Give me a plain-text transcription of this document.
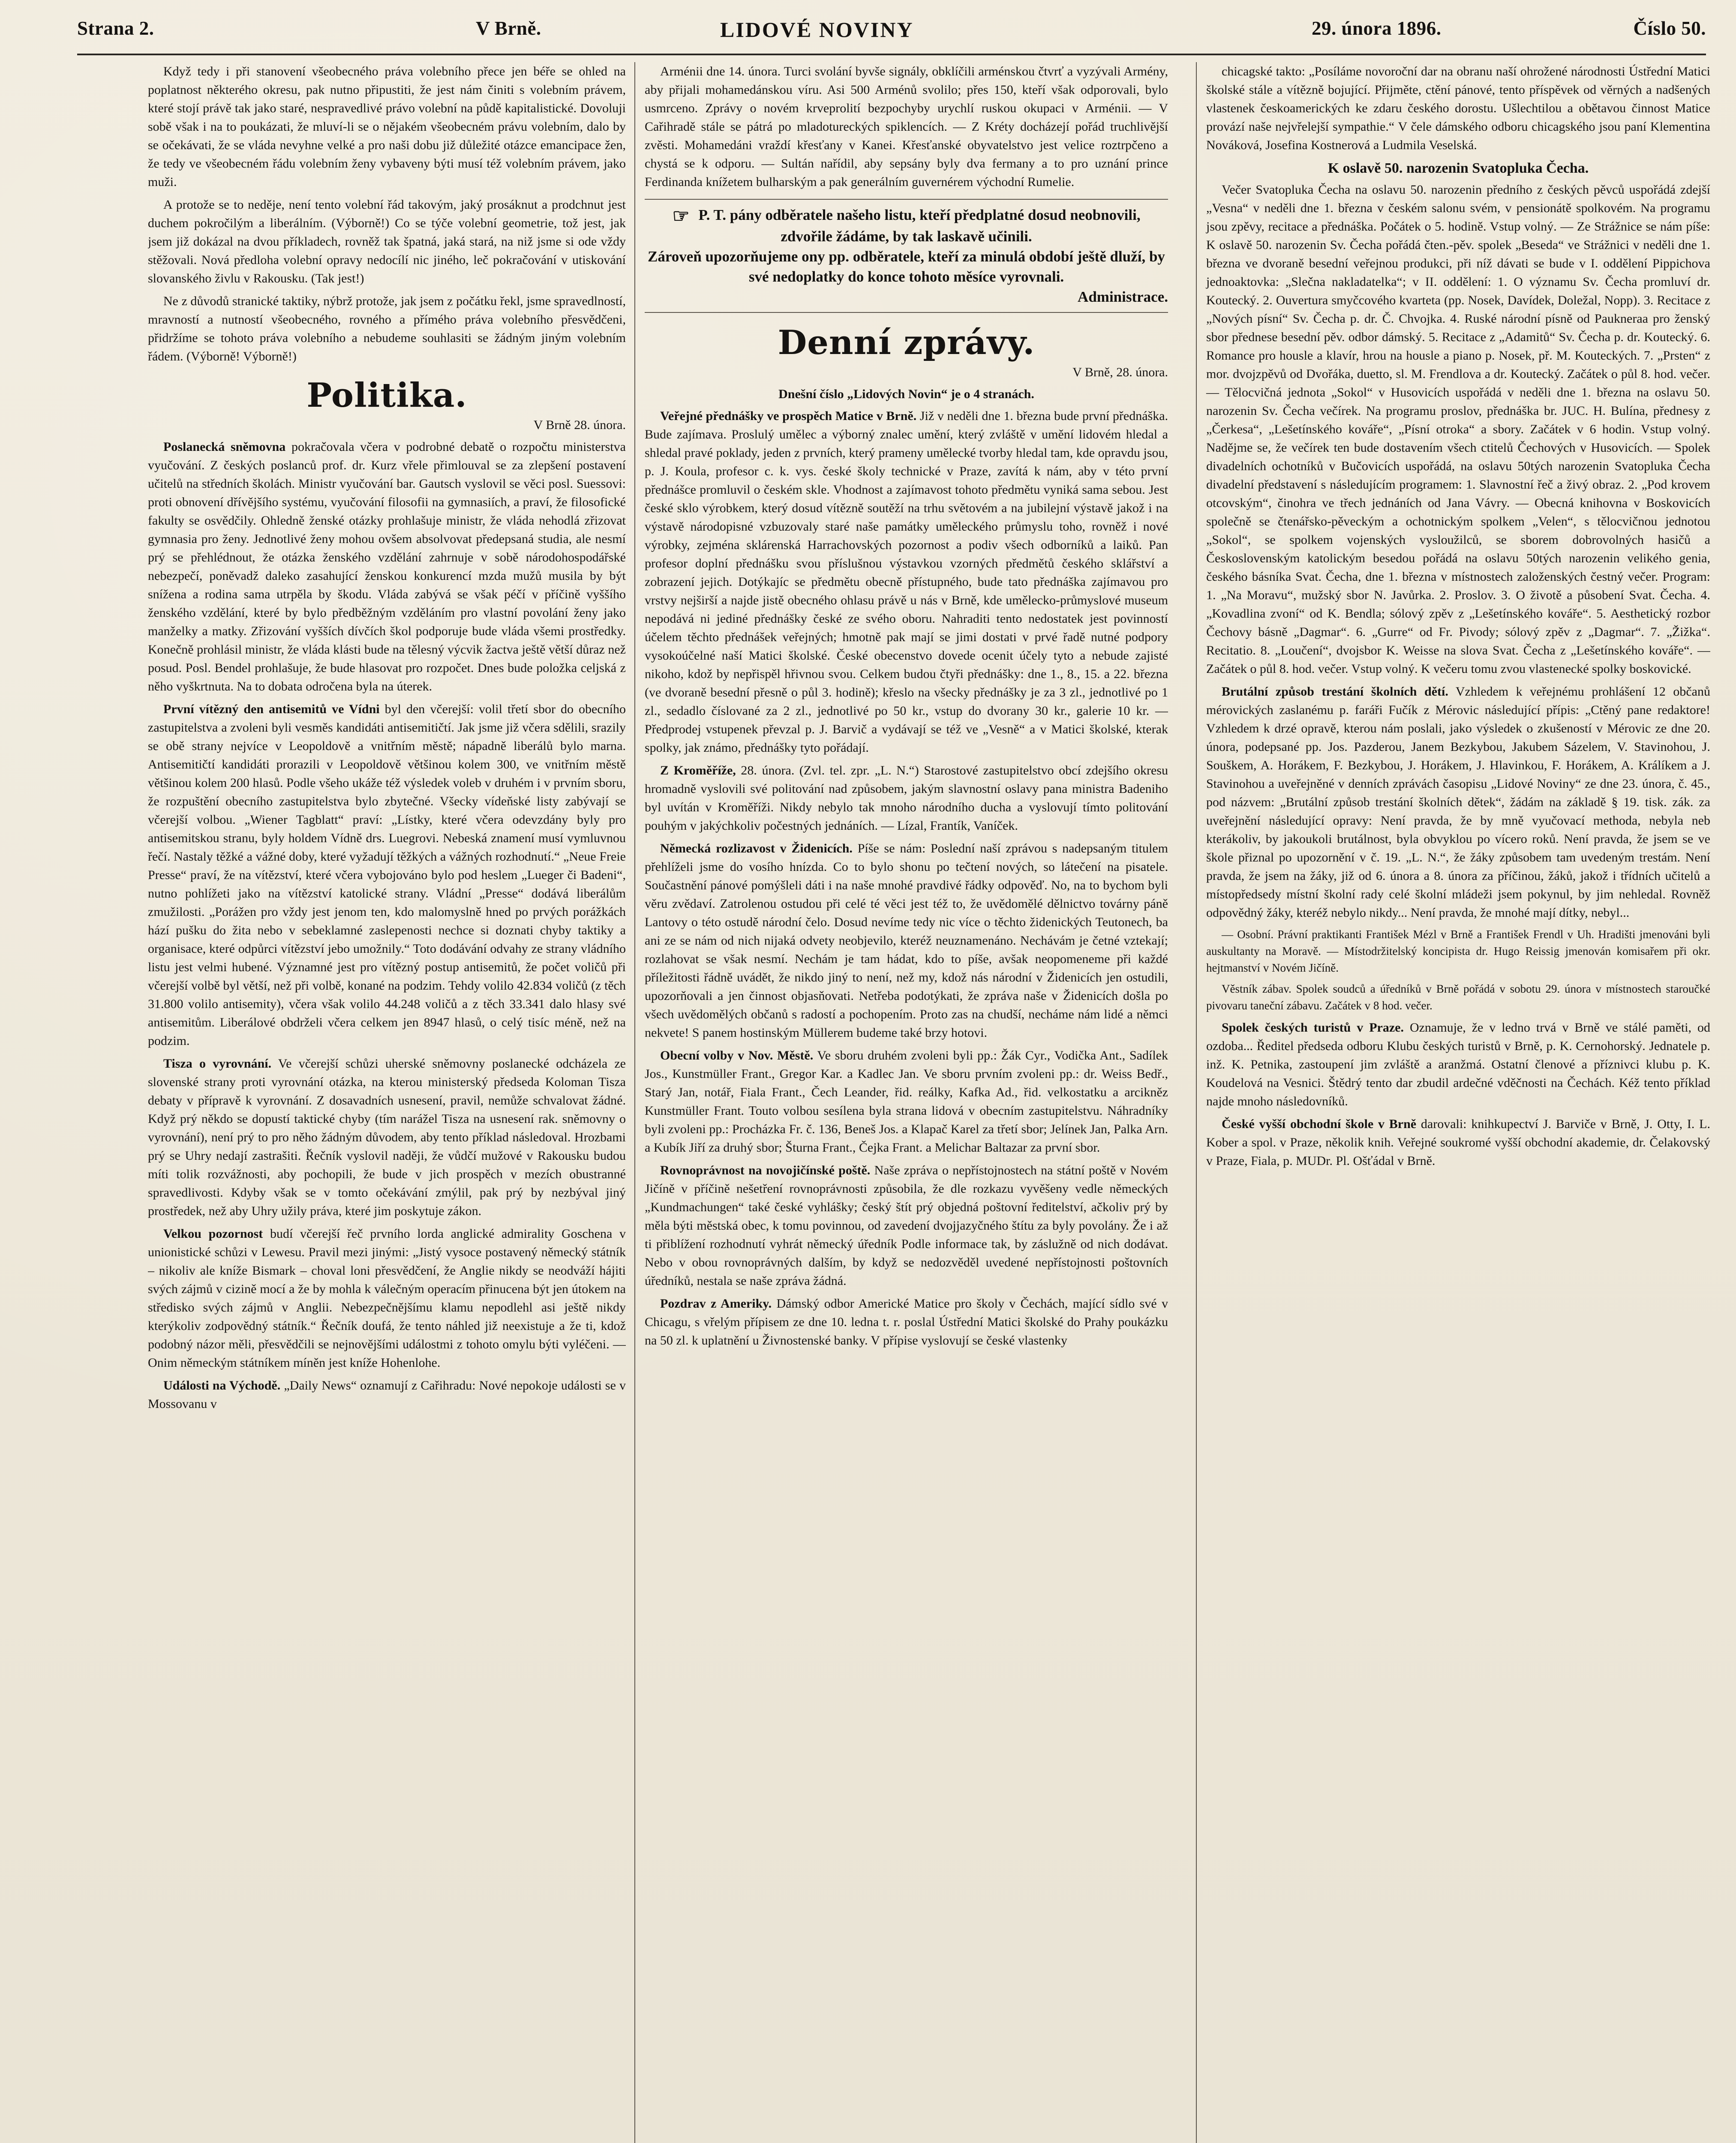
Strana 2.	V Brně.	LIDOVÉ NOVINY	29. února 1896.	Číslo 50.

Když tedy i při stanovení všeobecného práva volebního přece jen béře se ohled na poplatnost některého okresu, pak nutno připustiti, že jest nám činiti s volebním právem, které stojí právě tak jako staré, nespravedlivé právo volební na půdě kapitalistické. Dovoluji sobě však i na to poukázati, že mluví-li se o nějakém všeobecném právu volebním, dalo by se očekávati, že se vláda nevyhne velké a pro naši dobu již důležité otázce emancipace žen, že tedy ve všeobecném řádu volebním ženy vybaveny býti musí též volebním právem, jako muži.

A protože se to neděje, není tento volební řád takovým, jaký prosáknut a prodchnut jest duchem pokročilým a liberálním. (Výborně!) Co se týče volební geometrie, tož jest, jak jsem již dokázal na dvou příkladech, rovněž tak špatná, jaká stará, na niž jsme si ode vždy stěžovali. Nová předloha volební opravy nedocílí nic jiného, leč pokračování v utiskování slovanského živlu v Rakousku. (Tak jest!)

Ne z důvodů stranické taktiky, nýbrž protože, jak jsem z počátku řekl, jsme spravedlností, mravností a nutností všeobecného, rovného a přímého práva volebního přesvědčeni, přidržíme se tohoto práva volebního a nebudeme souhlasiti se žádným jiným volebním řádem. (Výborně! Výborně!)

Politika.
V Brně 28. února.

Poslanecká sněmovna pokračovala včera v podrobné debatě o rozpočtu ministerstva vyučování. Z českých poslanců prof. dr. Kurz vřele přimlouval se za zlepšení postavení učitelů na středních školách. Ministr vyučování bar. Gautsch vyslovil se věci posl. Suessovi: proti obnovení dřívějšího systému, vyučování filosofii na gymnasiích, a praví, že filosofické fakulty se osvědčily. Ohledně ženské otázky prohlašuje ministr, že vláda nehodlá zřizovat gymnasia pro ženy. Jednotlivé ženy mohou ovšem absolvovat předepsaná studia, ale nesmí prý se přehlédnout, že otázka ženského vzdělání zahrnuje v sobě národohospodářské nebezpečí, poněvadž daleko zasahující ženskou konkurencí mzda mužů musila by být snížena a rodina sama utrpěla by škodu. Vláda zabývá se však péčí v příčině vyššího ženského vzdělání, které by bylo předběžným vzděláním pro vlastní povolání ženy jako manželky a matky. Zřizování vyšších dívčích škol podporuje bude vláda všemi prostředky. Konečně prohlásil ministr, že vláda klásti bude na tělesný výcvik žactva ještě větší důraz než posud. Posl. Bendel prohlašuje, že bude hlasovat pro rozpočet. Dnes bude položka celjská z něho vyškrtnuta. Na to dobata odročena byla na úterek.

První vítězný den antisemitů ve Vídni byl den včerejší: volil třetí sbor do obecního zastupitelstva a zvoleni byli vesměs kandidáti antisemitičtí. Jak jsme již včera sdělili, srazily se obě strany nejvíce v Leopoldově a vnitřním městě; nápadně liberálů bylo marna. Antisemitičtí kandidáti prorazili v Leopoldově většinou kolem 300, ve vnitřním městě většinou kolem 200 hlasů. Podle všeho ukáže též výsledek voleb v druhém i v prvním sboru, že rozpuštění obecního zastupitelstva bylo zbytečné. Všecky vídeňské listy zabývají se včerejší volbou. „Wiener Tagblatt“ praví: „Lístky, které včera odevzdány byly pro antisemitskou stranu, byly holdem Vídně drs. Luegrovi. Nebeská znamení musí vymluvnou řečí. Nastaly těžké a vážné doby, které vyžadují těžkých a vážných rozhodnutí.“ „Neue Freie Presse“ praví, že na vítězství, které včera vybojováno bylo pod heslem „Lueger či Badeni“, nutno pohlížeti jako na vítězství katolické strany. Vládní „Presse“ dodává liberálům zmužilosti. „Porážen pro vždy jest jenom ten, kdo malomyslně hned po prvých porážkách hází pušku do žita nebo v sebeklamné zaslepenosti nechce si doznati chyby taktiky a organisace, které odpůrci vítězství jebo umožnily.“ Toto dodávání odvahy ze strany vládního listu jest velmi hubené. Významné jest pro vítězný postup antisemitů, že počet voličů při včerejší volbě byl větší, než při volbě, konané na podzim. Tehdy volilo 42.834 voličů (z těch 31.800 volilo antisemity), včera však volilo 44.248 voličů a z těch 33.341 dalo hlasy své antisemitům. Liberálové obdrželi včera celkem jen 8947 hlasů, o celý tisíc méně, než na podzim.

Tisza o vyrovnání. Ve včerejší schůzi uherské sněmovny poslanecké odcházela ze slovenské strany proti vyrovnání otázka, na kterou ministerský předseda Koloman Tisza debaty v přípravě k vyrovnání. Z dosavadních usnesení, pravil, nemůže schvalovat žádné. Když prý někdo se dopustí taktické chyby (tím narážel Tisza na usnesení rak. sněmovny o vyrovnání), není prý to pro něho žádným důvodem, aby tento příklad následoval. Hrozbami prý se Uhry nedají zastrašiti. Řečník vyslovil naději, že vůdčí mužové v Rakousku budou míti tolik rozvážnosti, aby pochopili, že bude v jich prospěch v mezích obustranné spravedlivosti. Kdyby však se v tomto očekávání zmýlil, pak prý by nezbýval jiný prostředek, než aby Uhry užily práva, které jim poskytuje zákon.

Velkou pozornost budí včerejší řeč prvního lorda anglické admirality Goschena v unionistické schůzi v Lewesu. Pravil mezi jinými: „Jistý vysoce postavený německý státník – nikoliv ale kníže Bismark – choval loni přesvědčení, že Anglie nikdy se neodváží hájiti svých zájmů v cizině mocí a že by mohla k válečným operacím přinucena být jen útokem na středisko svých zájmů v Anglii. Nebezpečnějšímu klamu nepodlehl asi ještě nikdy kterýkoliv zodpovědný státník.“ Řečník doufá, že tento náhled již neexistuje a že ti, kdož podobný názor měli, přesvědčili se nejnovějšími událostmi z tohoto omylu býti vyléčeni. — Onim německým státníkem míněn jest kníže Hohenlohe.

Události na Východě. „Daily News“ oznamují z Cařihradu: Nové nepokoje události se v Mossovanu v

Arménii dne 14. února. Turci svolání byvše signály, obklíčili arménskou čtvrť a vyzývali Armény, aby přijali mohamedánskou víru. Asi 500 Arménů svolilo; přes 150, kteří však odporovali, bylo usmrceno. Zprávy o novém krveprolití bezpochyby urychlí ruskou okupaci v Arménii. — V Cařihradě stále se pátrá po mladotureckých spiklencích. — Z Kréty docházejí pořád truchlivější zvěsti. Mohamedáni vraždí křesťany v Kanei. Křesťanské obyvatelstvo jest velice roztrpčeno a chystá se k odporu. — Sultán nařídil, aby sepsány byly dva fermany a to pro uznání prince Ferdinanda knížetem bulharským a pak generálním guvernérem východní Rumelie.

☞ P. T. pány odběratele našeho listu, kteří předplatné dosud neobnovili, zdvořile žádáme, by tak laskavě učinili.
Zároveň upozorňujeme ony pp. odběratele, kteří za minulá období ještě dluží, by své nedoplatky do konce tohoto měsíce vyrovnali.
Administrace.
Denní zprávy.
V Brně, 28. února.
Dnešní číslo „Lidových Novin“ je o 4 stranách.

Veřejné přednášky ve prospěch Matice v Brně. Již v neděli dne 1. března bude první přednáška. Bude zajímava. Proslulý umělec a výborný znalec umění, který zvláště v umění lidovém hledal a shledal pravé poklady, jeden z prvních, který prameny umělecké tvorby hledal tam, kde opravdu jsou, p. J. Koula, profesor c. k. vys. české školy technické v Praze, zavítá k nám, aby v této první přednášce promluvil o českém skle. Vhodnost a zajímavost tohoto předmětu vyniká sama sebou. Jest české sklo výrobkem, který dosud vítězně soutěží na trhu světovém a na jubilejní výstavě jakož i na výstavě národopisné vzbuzovaly staré naše památky uměleckého průmyslu toho, rovněž i nové výrobky, zejména sklárenská Harrachovských pozornost a podiv všech odborníků a laiků. Pan profesor doplní přednášku svou příslušnou výstavkou vzorných předmětů českého sklářství a zobrazení jejich. Dotýkajíc se předmětu obecně přístupného, bude tato přednáška zajímavou pro vrstvy nejširší a najde jistě obecného ohlasu právě u nás v Brně, kde umělecko-průmyslové museum nepodává ni jediné přednášky české ze svého oboru. Nahraditi tento nedostatek jest povinností účelem těchto přednášek veřejných; hmotně pak mají se jimi dostati v prvé řadě nutné podpory vysokoúčelné naší Matici školské. České obecenstvo dovede ocenit účely tyto a nebude zajisté nikoho, kdož by nepřispěl hřivnou svou. Celkem budou čtyři přednášky: dne 1., 8., 15. a 22. března (ve dvoraně besední přesně o půl 3. hodině); křeslo na všecky přednášky je za 3 zl., jednotlivé po 1 zl., sedadlo číslované za 2 zl., jednotlivé po 50 kr., vstup do dvorany 30 kr., galerie 10 kr. — Předprodej vstupenek převzal p. J. Barvič a vydávají se též ve „Vesně“ a v Matici školské, kterak spolky, jak známo, přednášky tyto pořádají.

Z Kroměříže, 28. února. (Zvl. tel. zpr. „L. N.“) Starostové zastupitelstvo obcí zdejšího okresu hromadně vyslovili své politování nad způsobem, jakým slavnostní oslavy pana ministra Badeniho byl uvítán v Kroměříži. Nikdy nebylo tak mnoho národního ducha a vyslovují tímto politování pouhým v jakýchkoliv počestných jednáních. — Lízal, Frantík, Vaníček.

Německá rozlizavost v Židenicích. Píše se nám: Poslední naší zprávou s nadepsaným titulem přehlíželi jsme do vosího hnízda. Co to bylo shonu po tečtení nových, so látečení na pisatele. Součastnění pánové pomýšleli dáti i na naše mnohé pravdivé řádky odpověď. No, na to bychom byli věru zvědaví. Zatrolenou ostudou při celé té věci jest též to, že uvědomělé dělnictvo továrny páně Lantovy o této ostudě národní čelo. Dosud nevíme tedy nic více o těchto židenických Teutonech, ba ani ze se nám od nich nijaká odvety neobjevilo, kteréž neuznamenáno. Nechávám je četné vztekají; rozlahovat se však nesmí. Nechám je tam hádat, kdo to píše, avšak neopomeneme při každé příležitosti řádně uvádět, že nikdo jiný to není, než my, kdož nás národní v Židenicích jen ostudili, upozorňovali a jen činnost objasňovati. Netřeba podotýkati, že zpráva naše v Židenicích došla po všech uvědomělých občanů s radostí a pochopením. Proto zas na chudší, necháme nám lidé a němci nekvete! S panem hostinským Müllerem budeme také brzy hotovi.

Obecní volby v Nov. Městě. Ve sboru druhém zvoleni byli pp.: Žák Cyr., Vodička Ant., Sadílek Jos., Kunstmüller Frant., Gregor Kar. a Kadlec Jan. Ve sboru prvním zvoleni pp.: dr. Weiss Bedř., Starý Jan, notář, Fiala Frant., Čech Leander, řid. reálky, Kafka Ad., řid. velkostatku a arcikněz Kunstmüller Frant. Touto volbou sesílena byla strana lidová v obecním zastupitelstvu. Náhradníky byli zvoleni pp.: Procházka Fr. č. 136, Beneš Jos. a Klapač Karel za třetí sbor; Jelínek Jan, Palka Arn. a Kubík Jiří za druhý sbor; Šturna Frant., Čejka Frant. a Melichar Baltazar za první sbor.

Rovnoprávnost na novojičínské poště. Naše zpráva o nepřístojnostech na státní poště v Novém Jičíně v příčině nešetření rovnoprávnosti způsobila, že dle rozkazu vyvěšeny vedle německých „Kundmachungen“ také české vyhlášky; český štít prý objedná poštovní ředitelství, ačkoliv prý by měla býti městská obec, k tomu povinnou, od zavedení dvojjazyčného štítu za byly povolány. Že i až ti přiblížení rozhodnutí vyhrát německý úředník Podle informace tak, by záslužně od nich dodávat. Nebo v obou rovnoprávných dalším, by když se nedozvěděl uvedené nepřístojnosti poštovních úředníků, nestala se naše zpráva žádná.

Pozdrav z Ameriky. Dámský odbor Americké Matice pro školy v Čechách, mající sídlo své v Chicagu, s vřelým přípisem ze dne 10. ledna t. r. poslal Ústřední Matici školské do Prahy poukázku na 50 zl. k uplatnění u Živnostenské banky. V přípise vyslovují se české vlastenky

chicagské takto: „Posíláme novoroční dar na obranu naší ohrožené národnosti Ústřední Matici školské stále a vítězně bojující. Přijměte, ctění pánové, tento příspěvek od věrných a nadšených vlastenek českoamerických ke zdaru českého dorostu. Ušlechtilou a obětavou činnost Matice provází naše nejvřelejší sympathie.“ V čele dámského odboru chicagského jsou paní Klementina Nováková, Josefina Kostnerová a Ludmila Veselská.

K oslavě 50. narozenin Svatopluka Čecha.

Večer Svatopluka Čecha na oslavu 50. narozenin předního z českých pěvců uspořádá zdejší „Vesna“ v neděli dne 1. března v českém salonu svém, v pensionátě spolkovém. Na programu jsou zpěvy, recitace a přednáška. Počátek o 5. hodině. Vstup volný. — Ze Strážnice se nám píše: K oslavě 50. narozenin Sv. Čecha pořádá čten.-pěv. spolek „Beseda“ ve Strážnici v neděli dne 1. března ve dvoraně besední veřejnou produkci, při níž dávati se bude v I. oddělení Pippichova jednoaktovka: „Slečna nakladatelka“; v II. oddělení: 1. O významu Sv. Čecha promluví dr. Koutecký. 2. Ouvertura smyčcového kvarteta (pp. Nosek, Davídek, Doležal, Nopp). 3. Recitace z „Nových písní“ Sv. Čecha p. dr. Č. Chvojka. 4. Ruské národní písně od Paukneraa pro ženský sbor přednese besední pěv. odbor dámský. 5. Recitace z „Adamitů“ Sv. Čecha p. dr. Koutecký. 6. Romance pro housle a klavír, hrou na housle a piano p. Nosek, př. M. Kouteckých. 7. „Prsten“ z mor. dvojzpěvů od Dvořáka, duetto, sl. M. Frendlova a dr. Koutecký. Začátek o půl 8. hod. večer. — Tělocvičná jednota „Sokol“ v Husovicích uspořádá v neděli dne 1. března na oslavu 50. narozenin Sv. Čecha večírek. Na programu proslov, přednáška br. JUC. H. Bulína, přednesy z „Čerkesa“, „Lešetínského kováře“, „Písní otroka“ a sbory. Začátek v 6 hodin. Vstup volný. Nadějme se, že večírek ten bude dostavením všech ctitelů Čechových v Husovicích. — Spolek divadelních ochotníků v Bučovicích uspořádá, na oslavu 50tých narozenin Svatopluka Čecha divadelní představení s následujícím programem: 1. Slavnostní řeč a živý obraz. 2. „Pod krovem otcovským“, činohra ve třech jednáních od Jana Vávry. — Obecná knihovna v Boskovicích společně se čtenářsko-pěveckým a ochotnickým spolkem „Velen“, s tělocvičnou jednotou „Sokol“, se spolkem vojenských vysloužilců, se sborem dobrovolných hasičů a Československým katolickým besedou pořádá na oslavu 50tých narozenin velikého genia, českého básníka Svat. Čecha, dne 1. března v místnostech založenských čestný večer. Program: 1. „Na Moravu“, mužský sbor N. Javůrka. 2. Proslov. 3. O životě a působení Svat. Čecha. 4. „Kovadlina zvoní“ od K. Bendla; sólový zpěv z „Lešetínského kováře“. 5. Aesthetický rozbor Čechovy básně „Dagmar“. 6. „Gurre“ od Fr. Pivody; sólový zpěv z „Dagmar“. 7. „Žižka“. Recitatio. 8. „Loučení“, dvojsbor K. Weisse na slova Svat. Čecha z „Lešetínského kováře“. — Začátek o půl 8. hod. večer. Vstup volný. K večeru tomu zvou vlastenecké spolky boskovické.

Brutální způsob trestání školních dětí. Vzhledem k veřejnému prohlášení 12 občanů mérovických zaslanému p. faráři Fučík z Mérovic následující přípis: „Ctěný pane redaktore! Vzhledem k drzé opravě, kterou nám poslali, jako výsledek o zkušeností v Mérovic ze dne 20. února, podepsané pp. Jos. Pazderou, Janem Bezkybou, Jakubem Sázelem, V. Stavinohou, J. Souškem, A. Horákem, F. Bezkybou, J. Horákem, J. Hlavinkou, F. Horákem, A. Králíkem a J. Stavinohou a uveřejněné v denních zprávách časopisu „Lidové Noviny“ ze dne 23. února, č. 45., pod názvem: „Brutální způsob trestání školních dětek“, žádám na základě § 19. tisk. zák. za uveřejnění následující opravy: Není pravda, že by mně vyučovací methoda, nebyla neb kterákoliv, by jakoukoli brutálnost, byla obvyklou po vícero roků. Není pravda, že jsem se ve škole přiznal po upozornění v č. 19. „L. N.“, že žáky způsobem tam uvedeným trestám. Není pravda, že jsem na žáky, již od 6. února a 8. února za příčinou, žáků, jakož i třídních učitelů a místopředsedy místní školní rady celé školní mládeži jsem pokynul, by jim nehledal. Rovněž odpovědný žáky, kteréž nebylo nikdy... Není pravda, že mnohé mají dítky, nebyl...

— Osobní. Právní praktikanti František Mézl v Brně a František Frendl v Uh. Hradišti jmenováni byli auskultanty na Moravě. — Místodržitelský koncipista dr. Hugo Reissig jmenován komisařem při okr. hejtmanství v Novém Jičíně.

Věstník zábav. Spolek soudců a úředníků v Brně pořádá v sobotu 29. února v místnostech staroučké pivovaru taneční zábavu. Začátek v 8 hod. večer.

Spolek českých turistů v Praze. Oznamuje, že v ledno trvá v Brně ve stálé paměti, od ozdoba... Ředitel předseda odboru Klubu českých turistů v Brně, p. K. Cernohorský. Jednatele p. inž. K. Petnika, zastoupení jim zvláště a aranžmá. Ostatní členové a příznivci klubu p. K. Koudelová na Vesnici. Štědrý tento dar zbudil ardečné vděčnosti na Čechách. Kéž tento příklad najde mnoho následovníků.

České vyšší obchodní škole v Brně darovali: knihkupectví J. Barviče v Brně, J. Otty, I. L. Kober a spol. v Praze, několik knih. Veřejné soukromé vyšší obchodní akademie, dr. Čelakovský v Praze, Fiala, p. MUDr. Pl. Ošťádal v Brně.
